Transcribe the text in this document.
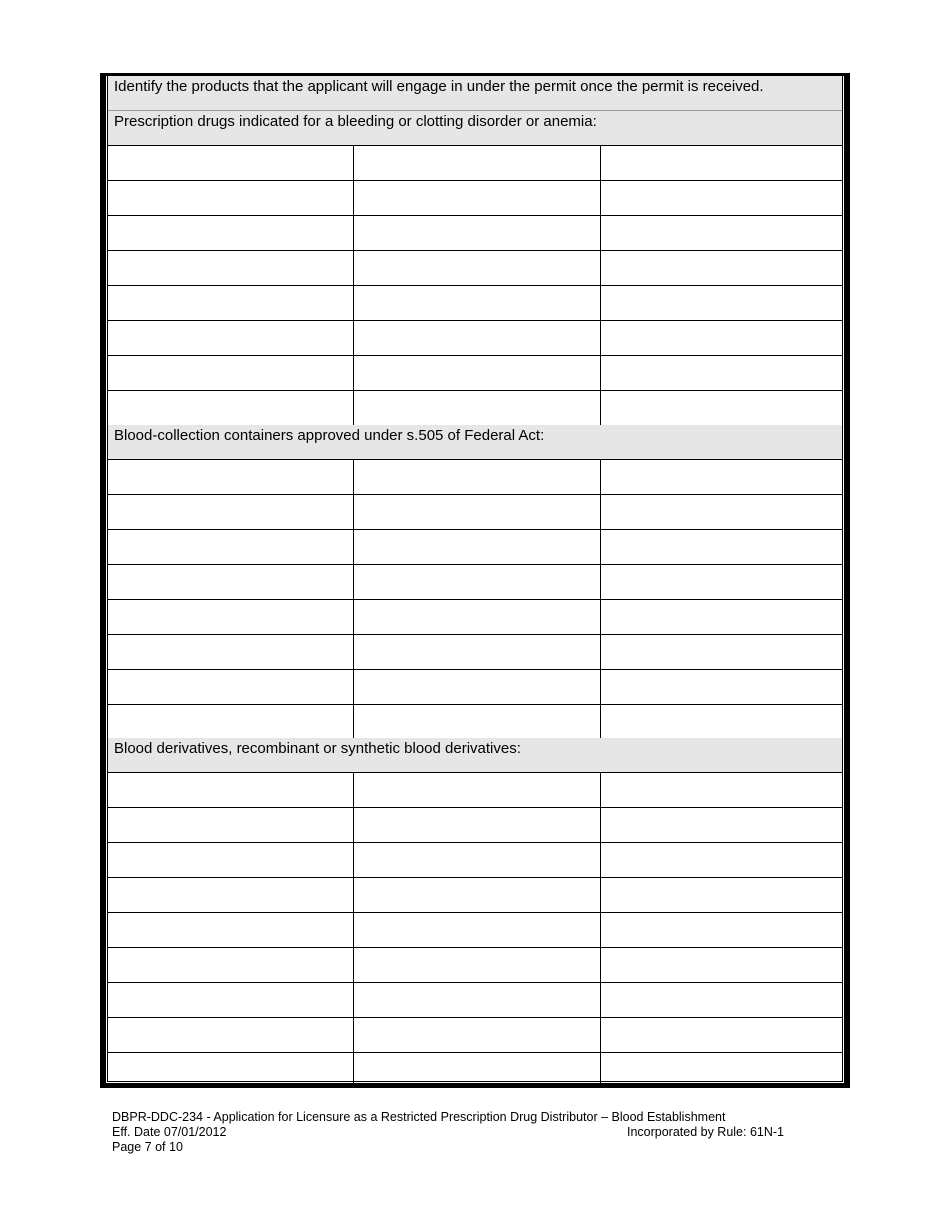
Identify the products that the applicant will engage in under the permit once the permit is received.
Prescription drugs indicated for a bleeding or clotting disorder or anemia:
Blood-collection containers approved under s.505 of Federal Act:
Blood derivatives, recombinant or synthetic blood derivatives:
DBPR-DDC-234 - Application for Licensure as a Restricted Prescription Drug Distributor – Blood Establishment
Eff. Date 07/01/2012	Incorporated by Rule: 61N-1
Page 7 of 10
